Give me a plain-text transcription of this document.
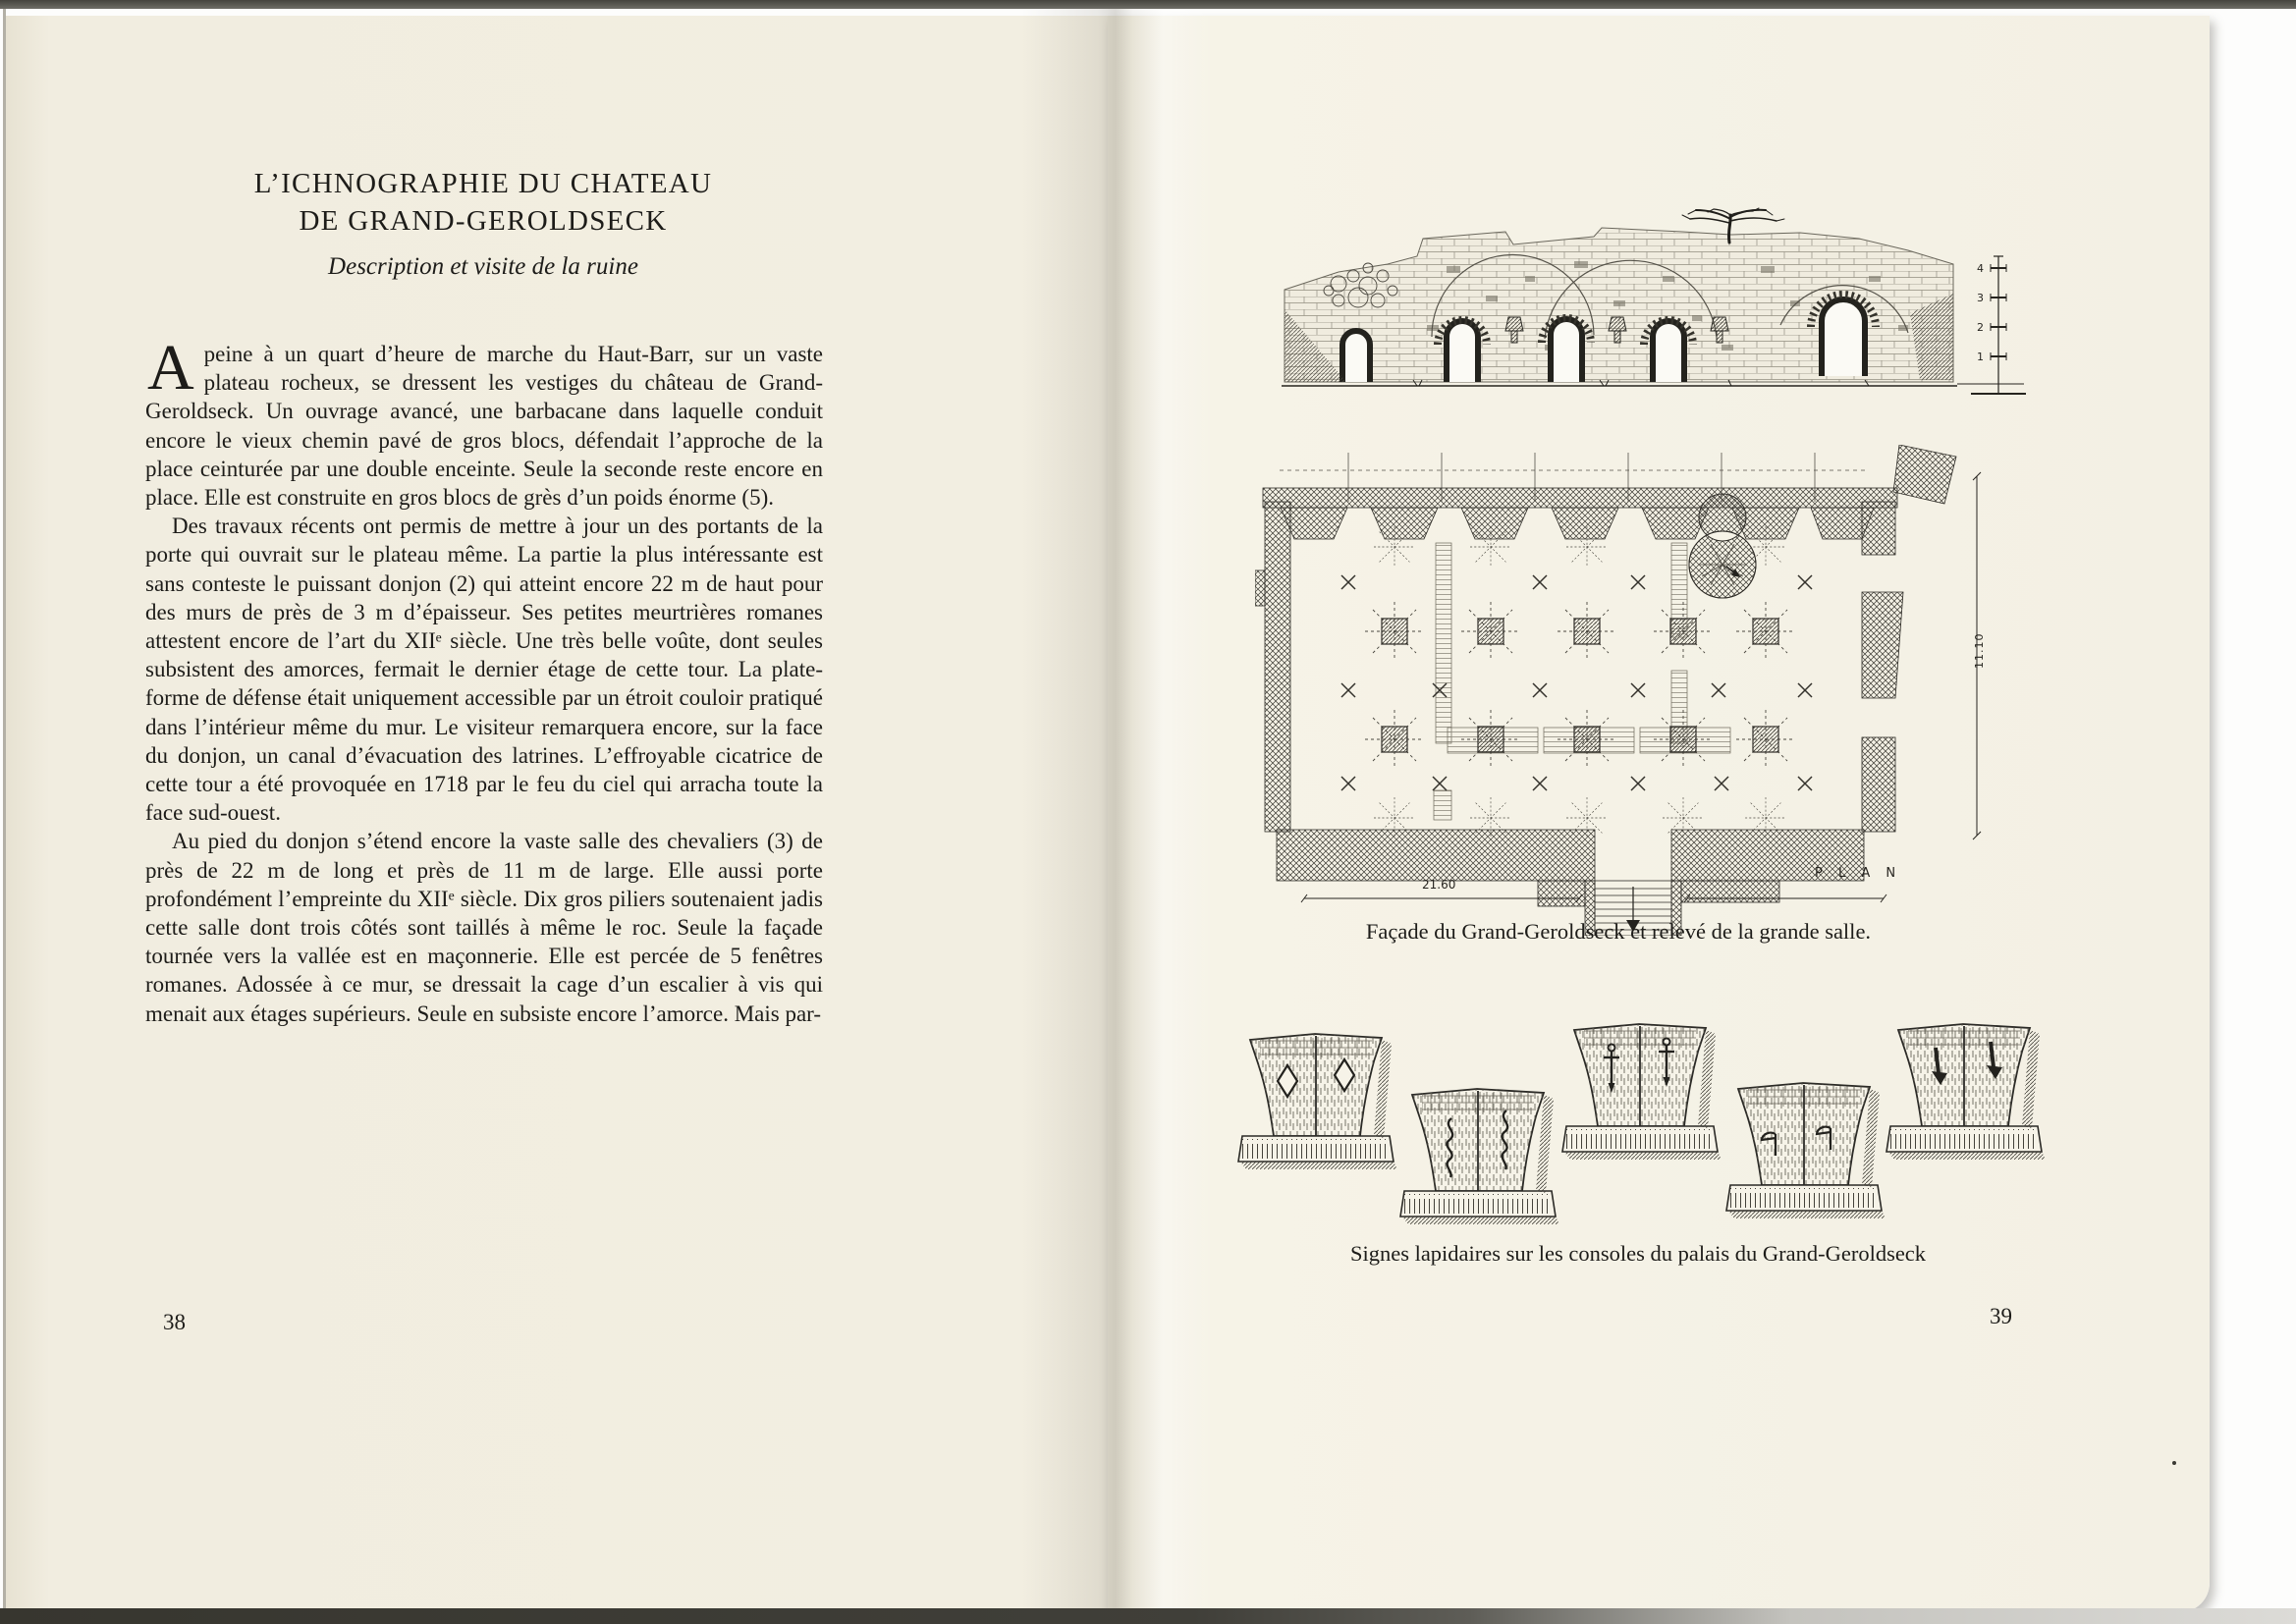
L’ICHNOGRAPHIE DU CHATEAU
DE GRAND-GEROLDSECK
Description et visite de la ruine

Apeine à un quart d’heure de marche du Haut-Barr, sur un vaste plateau rocheux, se dressent les vestiges du château de Grand-Geroldseck. Un ouvrage avancé, une barbacane dans laquelle conduit encore le vieux chemin pavé de gros blocs, défendait l’approche de la place ceinturée par une double enceinte. Seule la seconde reste encore en place. Elle est construite en gros blocs de grès d’un poids énorme (5).

Des travaux récents ont permis de mettre à jour un des portants de la porte qui ouvrait sur le plateau même. La partie la plus intéressante est sans conteste le puissant donjon (2) qui atteint encore 22 m de haut pour des murs de près de 3 m d’épaisseur. Ses petites meurtrières romanes attestent encore de l’art du XIIᵉ siècle. Une très belle voûte, dont seules subsistent des amorces, fermait le dernier étage de cette tour. La plate-forme de défense était uniquement accessible par un étroit couloir pratiqué dans l’intérieur même du mur. Le visiteur remarquera encore, sur la face du donjon, un canal d’évacuation des latrines. L’effroyable cicatrice de cette tour a été provoquée en 1718 par le feu du ciel qui arracha toute la face sud-ouest.

Au pied du donjon s’étend encore la vaste salle des chevaliers (3) de près de 22 m de long et près de 11 m de large. Elle aussi porte profondément l’empreinte du XIIᵉ siècle. Dix gros piliers soutenaient jadis cette salle dont trois côtés sont taillés à même le roc. Seule la façade tournée vers la vallée est en maçonnerie. Elle est percée de 5 fenêtres romanes. Adossée à ce mur, se dressait la cage d’un escalier à vis qui menait aux étages supérieurs. Seule en subsiste encore l’amorce. Mais par-

38
4
3
2
1
21.60
11.10
P L A N
Façade du Grand-Geroldseck et relevé de la grande salle.
Signes lapidaires sur les consoles du palais du Grand-Geroldseck
39
